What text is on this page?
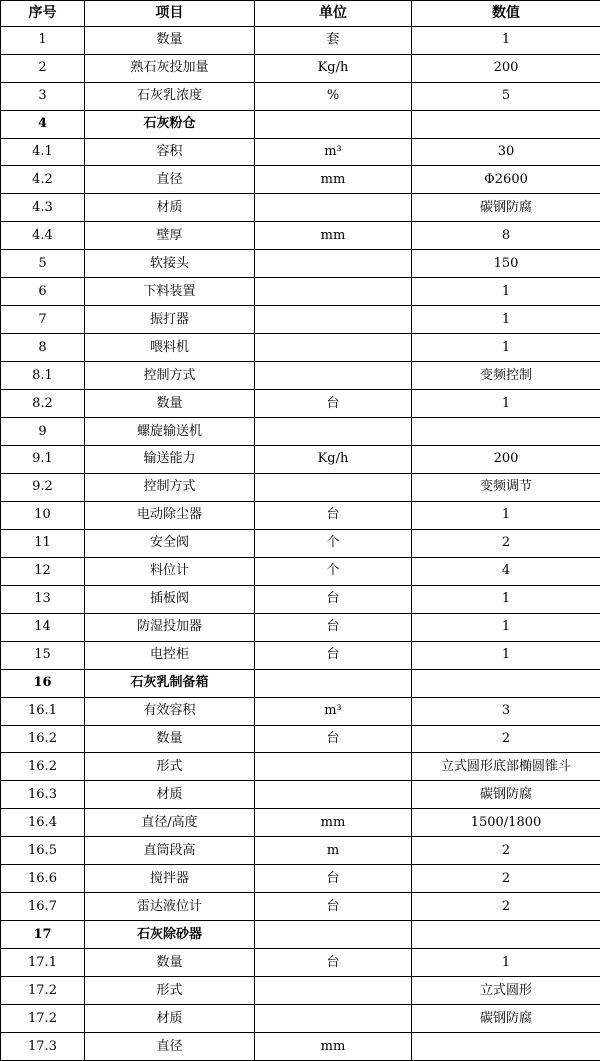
序号	项目	单位	数值
1	数量	套	1
2	熟石灰投加量	Kg/h	200
3	石灰乳浓度	%	5
4	石灰粉仓		
4.1	容积	m³	30
4.2	直径	mm	Φ2600
4.3	材质		碳钢防腐
4.4	壁厚	mm	8
5	软接头		150
6	下料装置		1
7	振打器		1
8	喂料机		1
8.1	控制方式		变频控制
8.2	数量	台	1
9	螺旋输送机		
9.1	输送能力	Kg/h	200
9.2	控制方式		变频调节
10	电动除尘器	台	1
11	安全阀	个	2
12	料位计	个	4
13	插板阀	台	1
14	防湿投加器	台	1
15	电控柜	台	1
16	石灰乳制备箱		
16.1	有效容积	m³	3
16.2	数量	台	2
16.2	形式		立式圆形底部椭圆锥斗
16.3	材质		碳钢防腐
16.4	直径/高度	mm	1500/1800
16.5	直筒段高	m	2
16.6	搅拌器	台	2
16.7	雷达液位计	台	2
17	石灰除砂器		
17.1	数量	台	1
17.2	形式		立式圆形
17.2	材质		碳钢防腐
17.3	直径	mm	
